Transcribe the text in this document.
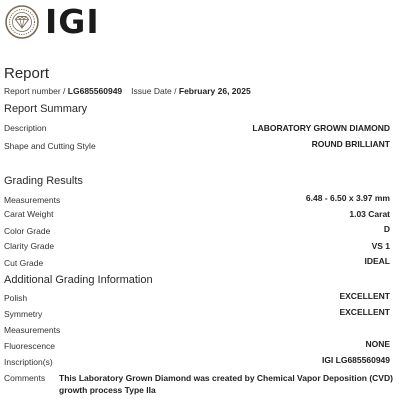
IGI
Report
Report number / LG685560949 Issue Date / February 26, 2025
Report Summary
Description	LABORATORY GROWN DIAMOND
Shape and Cutting Style	ROUND BRILLIANT
Grading Results
Measurements	6.48 - 6.50 x 3.97 mm
Carat Weight	1.03 Carat
Color Grade	D
Clarity Grade	VS 1
Cut Grade	IDEAL
Additional Grading Information
Polish	EXCELLENT
Symmetry	EXCELLENT
Measurements
Fluorescence	NONE
Inscription(s)	IGI LG685560949
Comments This Laboratory Grown Diamond was created by Chemical Vapor Deposition (CVD) growth process Type IIa
